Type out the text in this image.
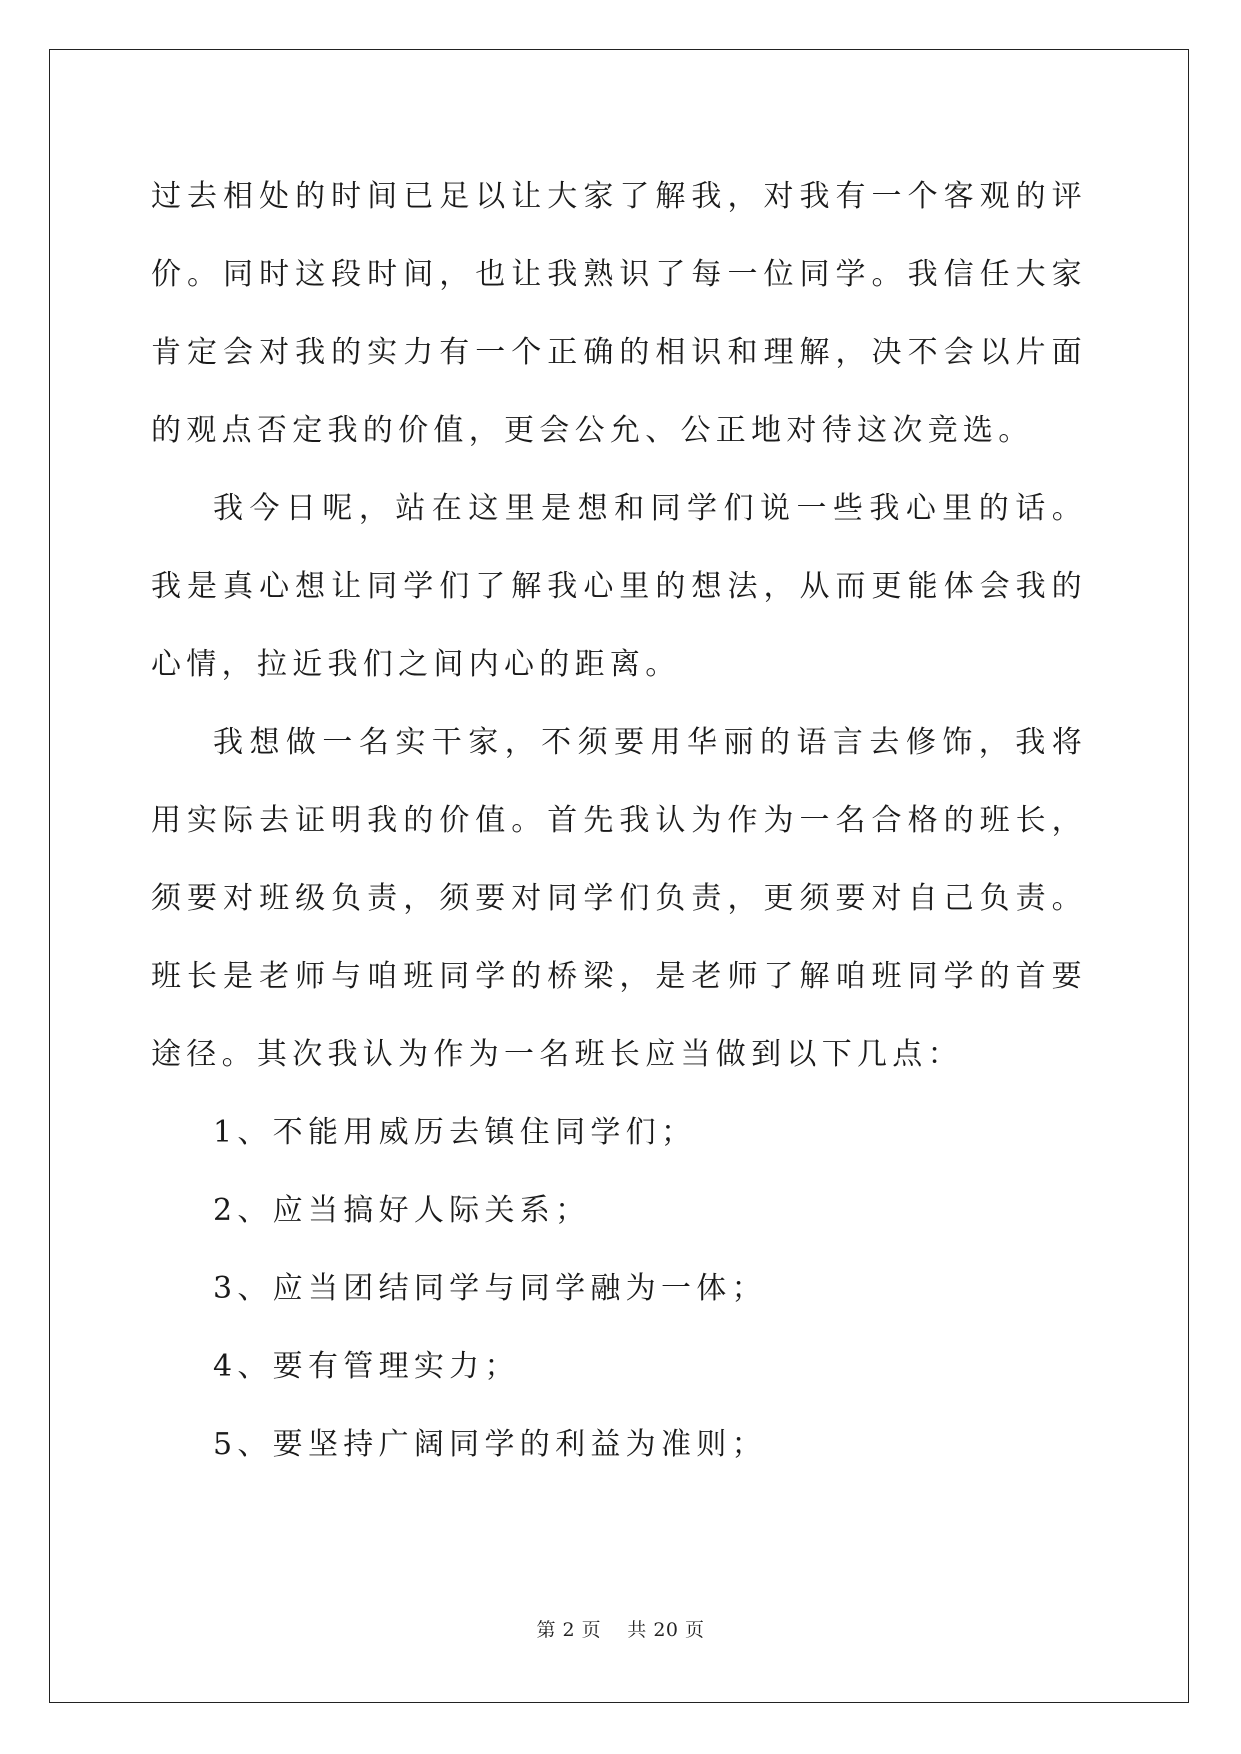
过去相处的时间已足以让大家了解我，对我有一个客观的评价。同时这段时间，也让我熟识了每一位同学。我信任大家肯定会对我的实力有一个正确的相识和理解，决不会以片面的观点否定我的价值，更会公允、公正地对待这次竞选。

我今日呢，站在这里是想和同学们说一些我心里的话。我是真心想让同学们了解我心里的想法，从而更能体会我的心情，拉近我们之间内心的距离。

我想做一名实干家，不须要用华丽的语言去修饰，我将用实际去证明我的价值。首先我认为作为一名合格的班长，须要对班级负责，须要对同学们负责，更须要对自己负责。班长是老师与咱班同学的桥梁，是老师了解咱班同学的首要途径。其次我认为作为一名班长应当做到以下几点：

1、不能用威历去镇住同学们；

2、应当搞好人际关系；

3、应当团结同学与同学融为一体；

4、要有管理实力；

5、要坚持广阔同学的利益为准则；

第 2 页 共 20 页
